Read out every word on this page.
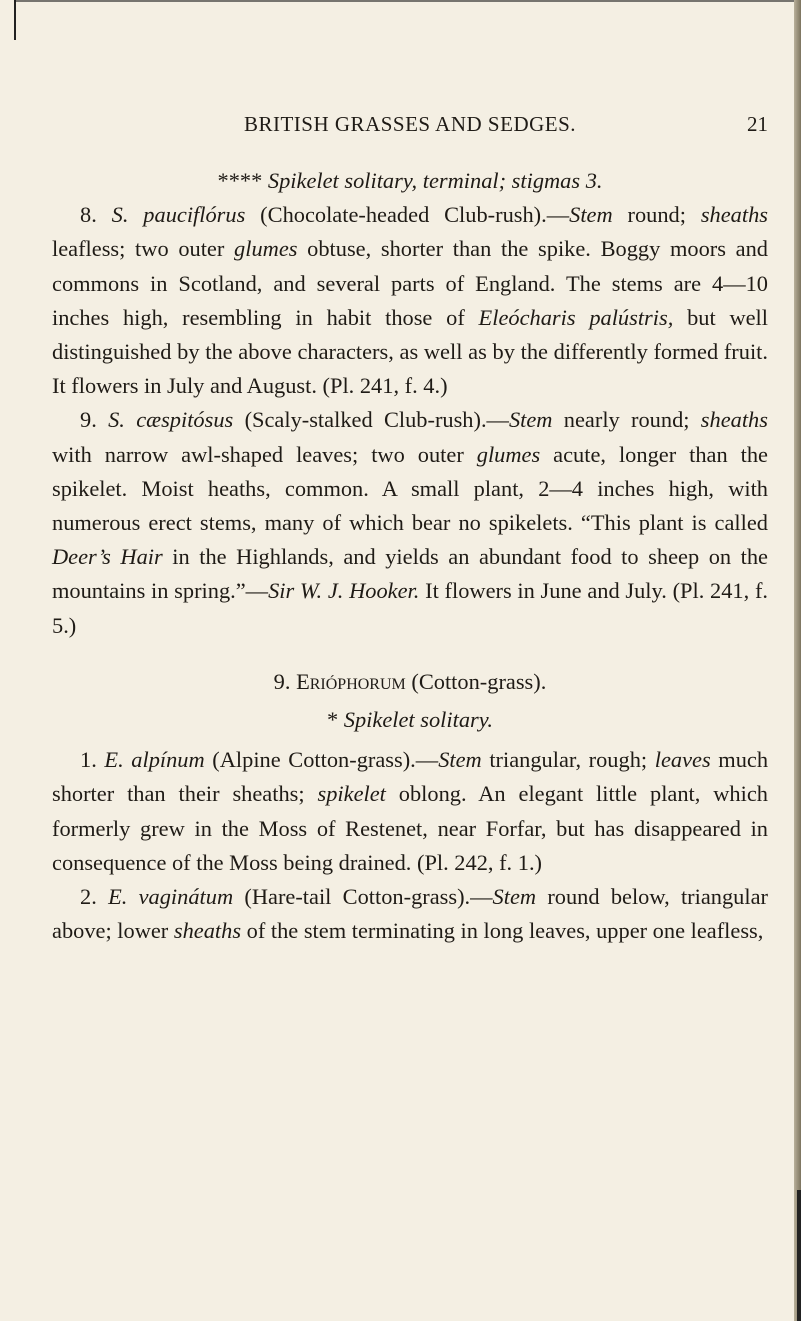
BRITISH GRASSES AND SEDGES.	21

**** Spikelet solitary, terminal; stigmas 3.

8. S. pauciflórus (Chocolate-headed Club-rush).—Stem round; sheaths leafless; two outer glumes obtuse, shorter than the spike. Boggy moors and commons in Scotland, and several parts of England. The stems are 4—10 inches high, resembling in habit those of Eleócharis palústris, but well distinguished by the above characters, as well as by the differently formed fruit. It flowers in July and August. (Pl. 241, f. 4.)

9. S. cæspitósus (Scaly-stalked Club-rush).—Stem nearly round; sheaths with narrow awl-shaped leaves; two outer glumes acute, longer than the spikelet. Moist heaths, common. A small plant, 2—4 inches high, with numerous erect stems, many of which bear no spikelets. “This plant is called Deer’s Hair in the Highlands, and yields an abundant food to sheep on the mountains in spring.”—Sir W. J. Hooker. It flowers in June and July. (Pl. 241, f. 5.)

9. Erióphorum (Cotton-grass).

* Spikelet solitary.

1. E. alpínum (Alpine Cotton-grass).—Stem triangular, rough; leaves much shorter than their sheaths; spikelet oblong. An elegant little plant, which formerly grew in the Moss of Restenet, near Forfar, but has disappeared in consequence of the Moss being drained. (Pl. 242, f. 1.)

2. E. vaginátum (Hare-tail Cotton-grass).—Stem round below, triangular above; lower sheaths of the stem terminating in long leaves, upper one leafless,
